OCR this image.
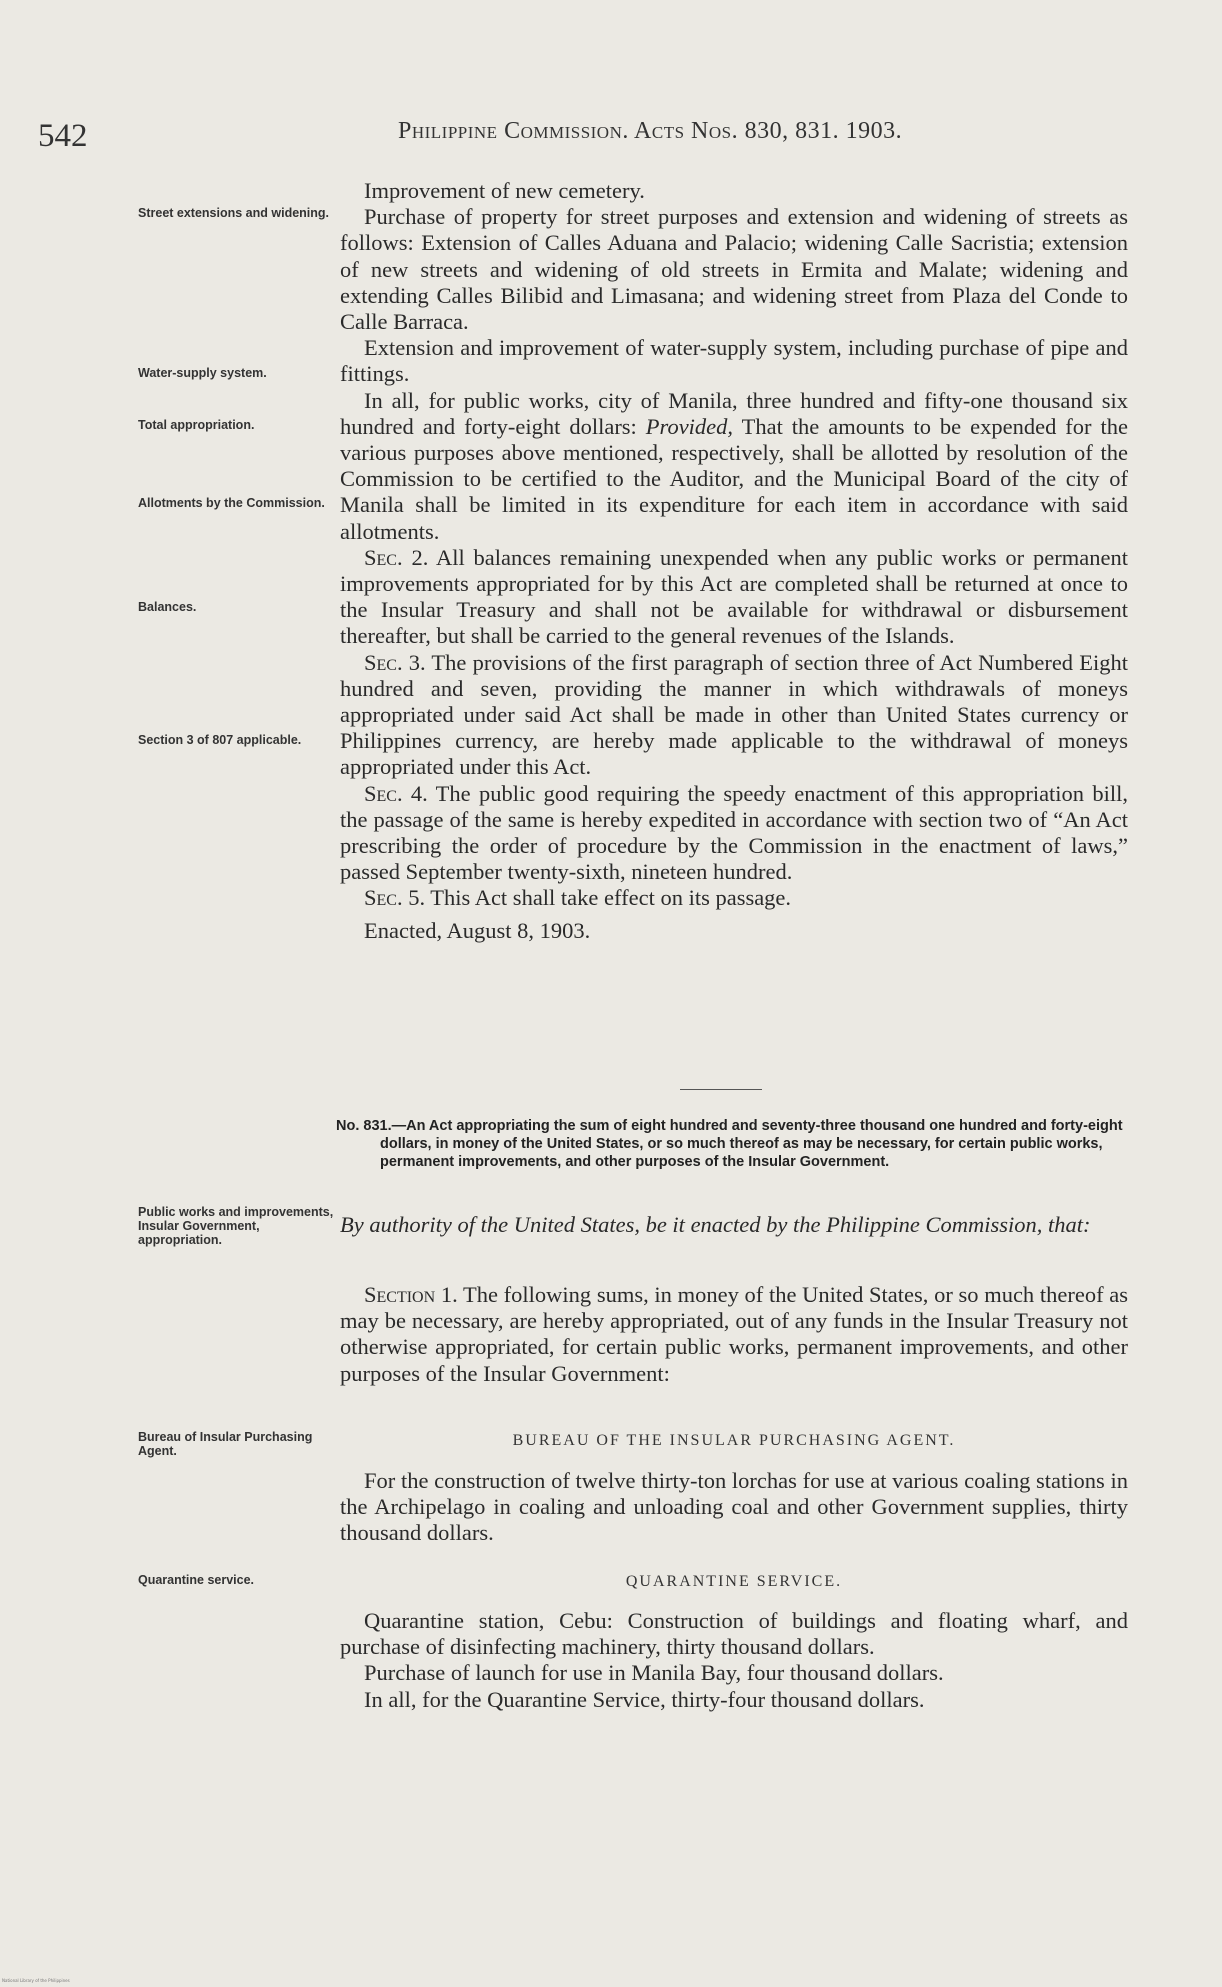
542	Philippine Commission. Acts Nos. 830, 831. 1903.
Street extensions and widening.
Water-supply system.
Total appropriation.
Allotments by the Commission.
Balances.
Section 3 of 807 applicable.
Public works and improvements, Insular Government, appropriation.
Bureau of Insular Purchasing Agent.
Quarantine service.

Improvement of new cemetery.

Purchase of property for street purposes and extension and widening of streets as follows: Extension of Calles Aduana and Palacio; widening Calle Sacristia; extension of new streets and widening of old streets in Ermita and Malate; widening and extending Calles Bilibid and Limasana; and widening street from Plaza del Conde to Calle Barraca.

Extension and improvement of water-supply system, including purchase of pipe and fittings.

In all, for public works, city of Manila, three hundred and fifty-one thousand six hundred and forty-eight dollars: Provided, That the amounts to be expended for the various purposes above mentioned, respectively, shall be allotted by resolution of the Commission to be certified to the Auditor, and the Municipal Board of the city of Manila shall be limited in its expenditure for each item in accordance with said allotments.

Sec. 2. All balances remaining unexpended when any public works or permanent improvements appropriated for by this Act are completed shall be returned at once to the Insular Treasury and shall not be available for withdrawal or disbursement thereafter, but shall be carried to the general revenues of the Islands.

Sec. 3. The provisions of the first paragraph of section three of Act Numbered Eight hundred and seven, providing the manner in which withdrawals of moneys appropriated under said Act shall be made in other than United States currency or Philippines currency, are hereby made applicable to the withdrawal of moneys appropriated under this Act.

Sec. 4. The public good requiring the speedy enactment of this appropriation bill, the passage of the same is hereby expedited in accordance with section two of “An Act prescribing the order of procedure by the Commission in the enactment of laws,” passed September twenty-sixth, nineteen hundred.

Sec. 5. This Act shall take effect on its passage.

Enacted, August 8, 1903.

No. 831.—An Act appropriating the sum of eight hundred and seventy-three thousand one hundred and forty-eight dollars, in money of the United States, or so much thereof as may be necessary, for certain public works, permanent improvements, and other purposes of the Insular Government.

By authority of the United States, be it enacted by the Philippine Commission, that:

Section 1. The following sums, in money of the United States, or so much thereof as may be necessary, are hereby appropriated, out of any funds in the Insular Treasury not otherwise appropriated, for certain public works, permanent improvements, and other purposes of the Insular Government:

BUREAU OF THE INSULAR PURCHASING AGENT.

For the construction of twelve thirty-ton lorchas for use at various coaling stations in the Archipelago in coaling and unloading coal and other Government supplies, thirty thousand dollars.

QUARANTINE SERVICE.

Quarantine station, Cebu: Construction of buildings and floating wharf, and purchase of disinfecting machinery, thirty thousand dollars.

Purchase of launch for use in Manila Bay, four thousand dollars.

In all, for the Quarantine Service, thirty-four thousand dollars.

National Library of the Philippines
